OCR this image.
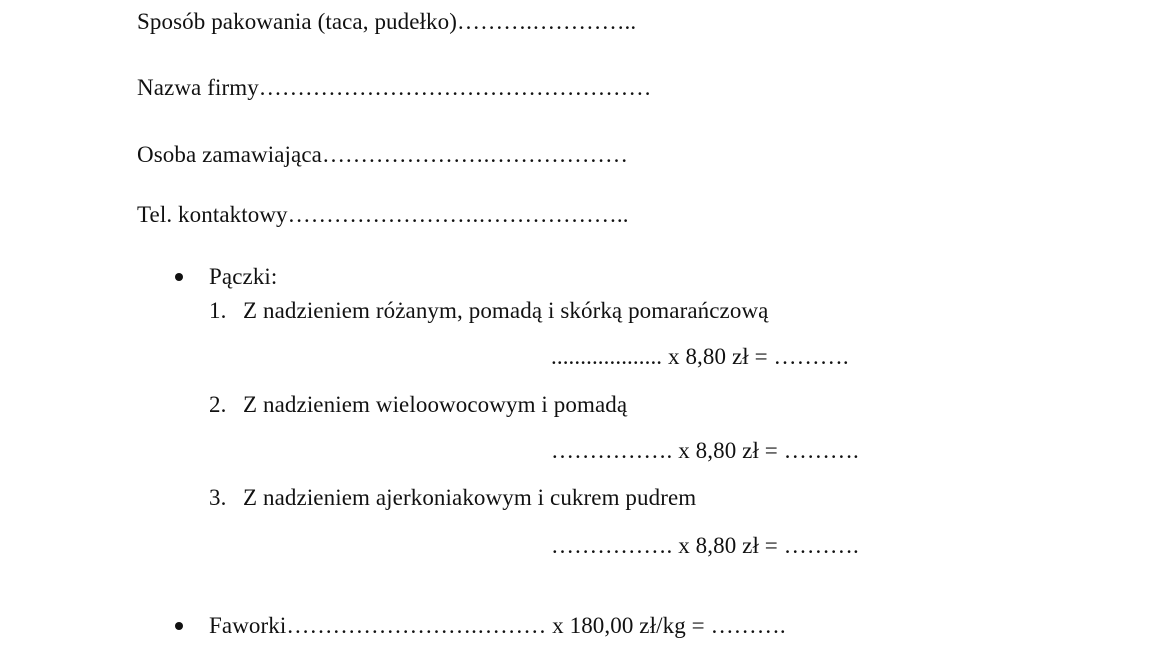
Sposób pakowania (taca, pudełko)……….…………..
Nazwa firmy……………………………………………
Osoba zamawiająca………………….………………
Tel. kontaktowy…………………….………………..
Pączki:
1. Z nadzieniem różanym, pomadą i skórką pomarańczową
................... x 8,80 zł = ……….
2. Z nadzieniem wieloowocowym i pomadą
……………. x 8,80 zł = ……….
3. Z nadzieniem ajerkoniakowym i cukrem pudrem
……………. x 8,80 zł = ……….
Faworki…………………….……… x 180,00 zł/kg = ……….
